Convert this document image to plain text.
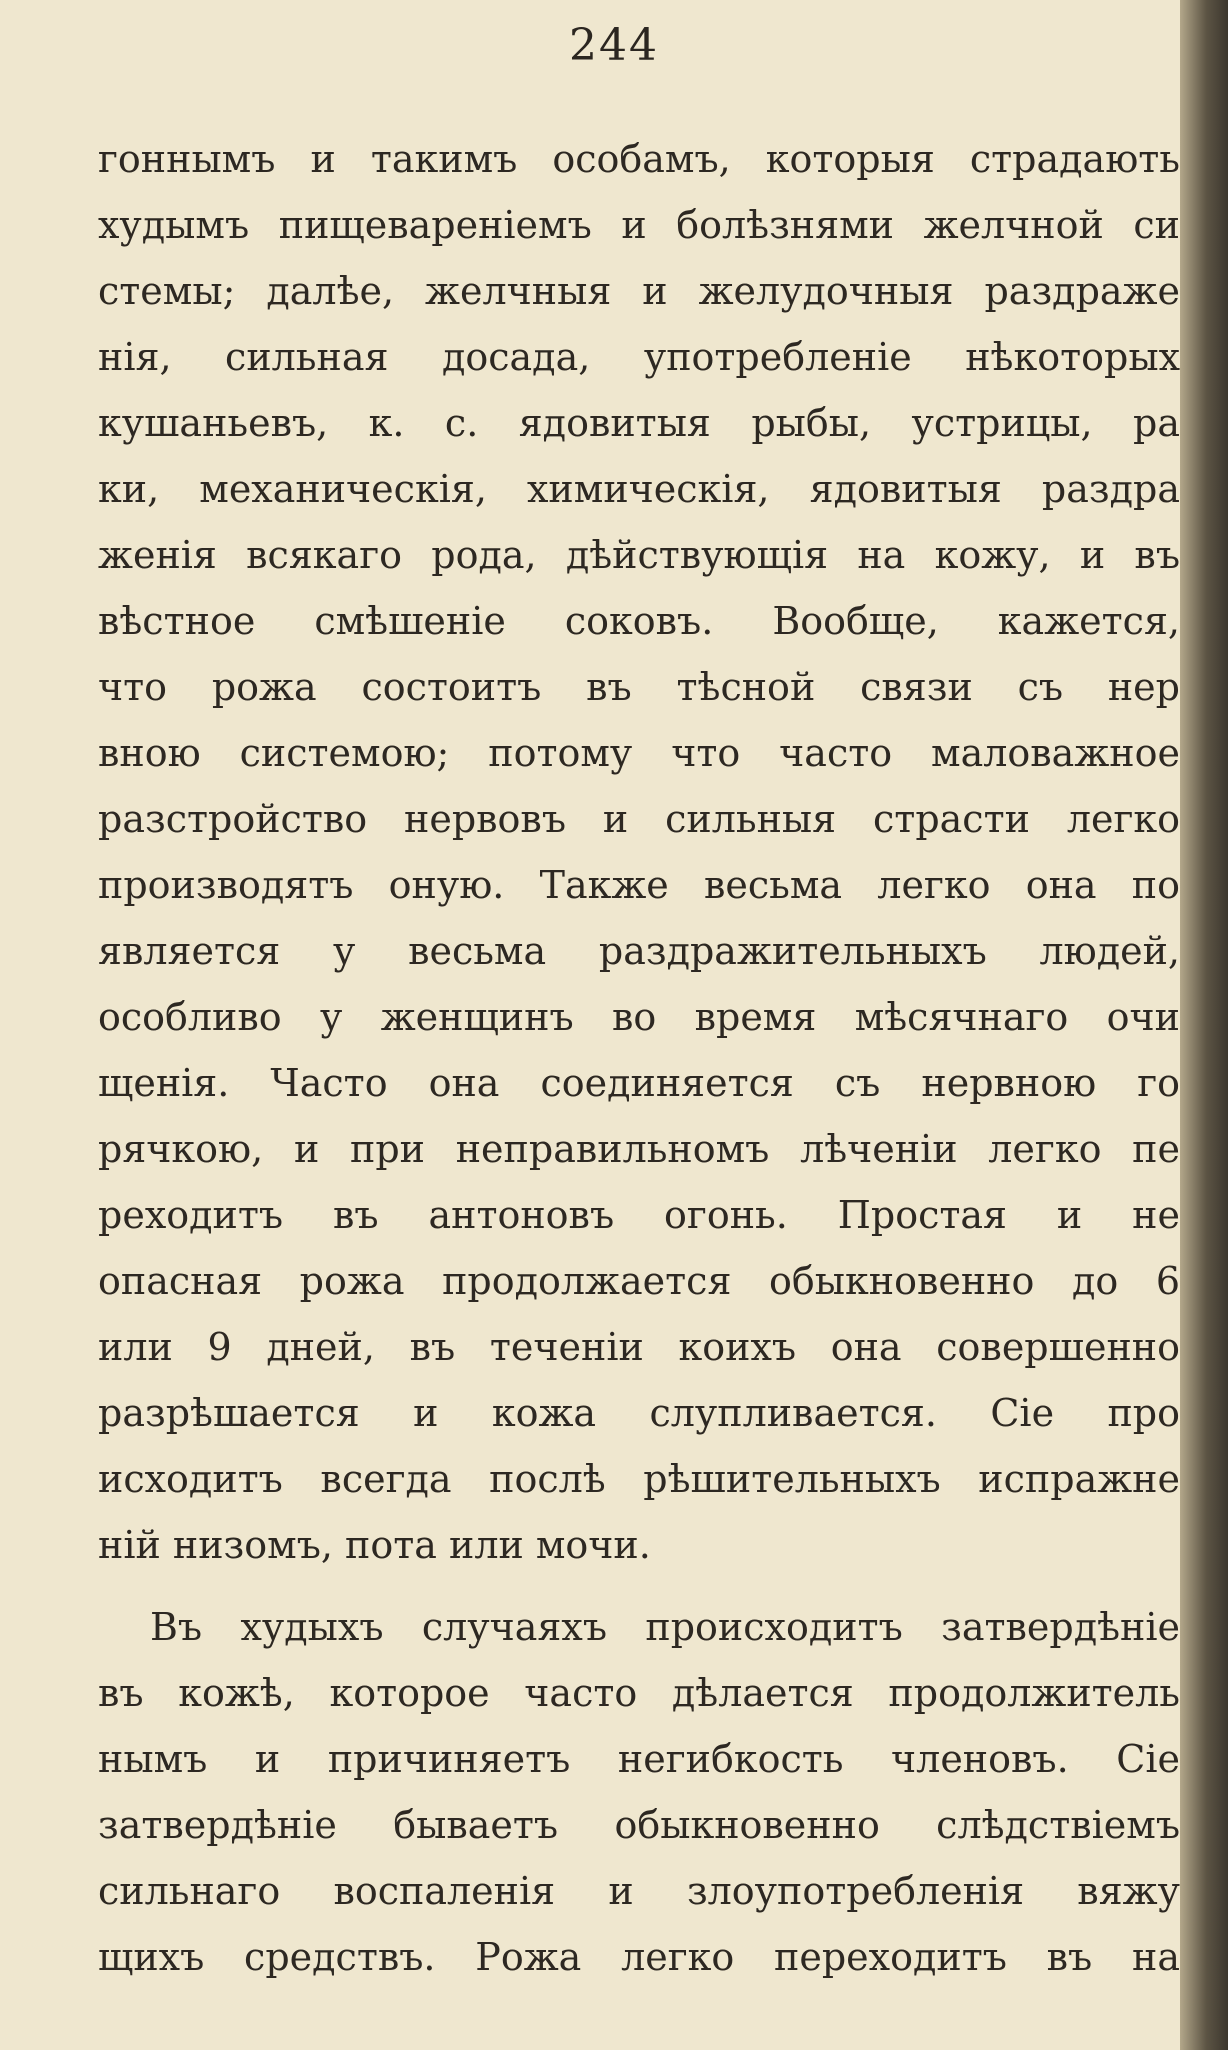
244
гоннымъ и такимъ особамъ, которыя страдають
худымъ пищевареніемъ и болѣзнями желчной си
стемы; далѣе, желчныя и желудочныя раздраже
нія, сильная досада, употребленіе нѣкоторых
кушаньевъ, к. с. ядовитыя рыбы, устрицы, ра
ки, механическія, химическія, ядовитыя раздра
женія всякаго рода, дѣйствующія на кожу, и въ
вѣстное смѣшеніе соковъ. Вообще, кажется,
что рожа состоитъ въ тѣсной связи съ нер
вною системою; потому что часто маловажное
разстройство нервовъ и сильныя страсти легко
производятъ оную. Также весьма легко она по
является у весьма раздражительныхъ людей,
особливо у женщинъ во время мѣсячнаго очи
щенія. Часто она соединяется съ нервною го
рячкою, и при неправильномъ лѣченіи легко пе
реходитъ въ антоновъ огонь. Простая и не
опасная рожа продолжается обыкновенно до 6
или 9 дней, въ теченіи коихъ она совершенно
разрѣшается и кожа слупливается. Сіе про
исходитъ всегда послѣ рѣшительныхъ испражне
ній низомъ, пота или мочи.
Въ худыхъ случаяхъ происходитъ затвердѣніе
въ кожѣ, которое часто дѣлается продолжитель
нымъ и причиняетъ негибкость членовъ. Сіе
затвердѣніе бываетъ обыкновенно слѣдствіемъ
сильнаго воспаленія и злоупотребленія вяжу
щихъ средствъ. Рожа легко переходитъ въ на
